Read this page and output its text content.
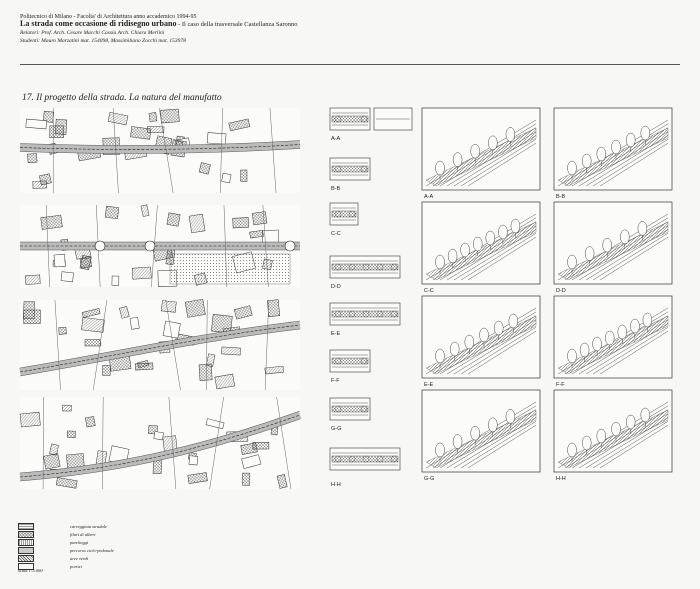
Politecnico di Milano - Facolta' di Architettura anno accademico 1994-95
La strada come occasione di ridisegno urbano - Il caso della trasversale Castellanza Saronno
Relatori: Prof. Arch. Cesare Macchi Cassia Arch. Chiara Merlini
Studenti: Mauro Marzatini mat. 154098, Massimiliano Zocchi mat. 153978
17. Il progetto della strada. La natura del manufatto
A-A
B-B
C-C
D-D
E-E
F-F
G-G
H-H
A-A	B-B
C-C	D-D
E-E	F-F
G-G	H-H
carreggiata stradale
filari di alberi
parcheggi
percorso ciclo-pedonale
aree verdi
portici
scala 1:5.000
